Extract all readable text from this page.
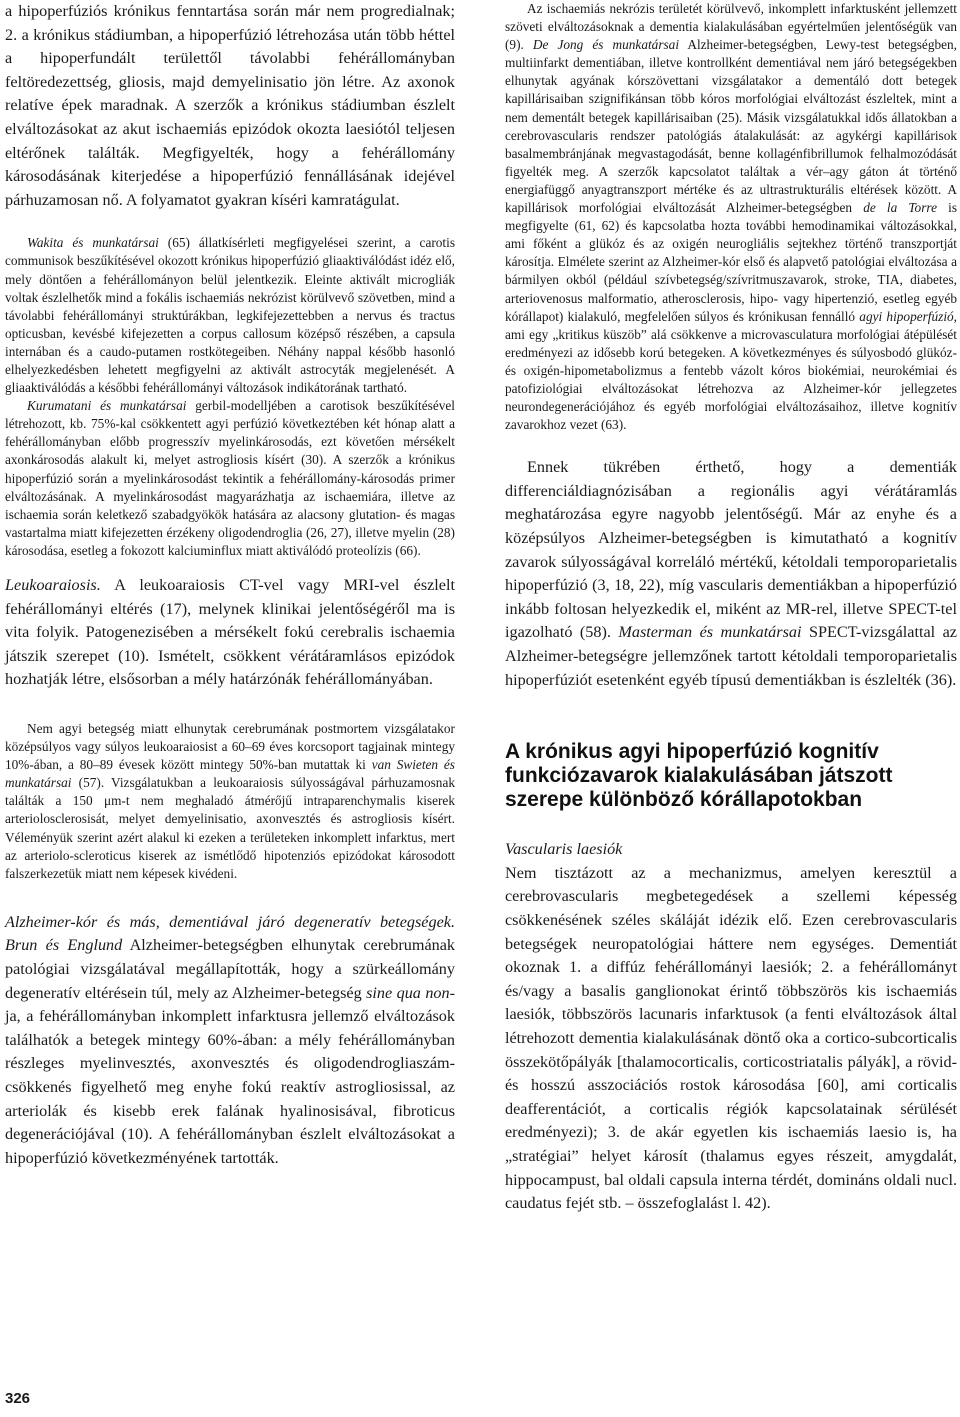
a hipoperfúziós krónikus fenntartása során már nem progredialnak; 2. a krónikus stádiumban, a hipoperfúzió létrehozása után több héttel a hipoperfundált területtől távolabbi fehérállományban feltöredezettség, gliosis, majd demyelinisatio jön létre. Az axonok relatíve épek maradnak. A szerzők a krónikus stádiumban észlelt elváltozásokat az akut ischaemiás epizódok okozta laesiótól teljesen eltérőnek találták. Megfigyelték, hogy a fehérállomány károsodásának kiterjedése a hipoperfúzió fennállásának idejével párhuzamosan nő. A folyamatot gyakran kíséri kamratágulat.

Wakita és munkatársai (65) állatkísérleti megfigyelései szerint, a carotis communisok beszűkítésével okozott krónikus hipoperfúzió gliaaktiválódást idéz elő, mely döntően a fehérállományon belül jelentkezik. Eleinte aktivált microgliák voltak észlelhetők mind a fokális ischaemiás nekrózist körülvevő szövetben, mind a távolabbi fehérállományi struktúrákban, legkifejezettebben a nervus és tractus opticusban, kevésbé kifejezetten a corpus callosum középső részében, a capsula internában és a caudo-putamen rostkötegeiben. Néhány nappal később hasonló elhelyezkedésben lehetett megfigyelni az aktivált astrocyták megjelenését. A gliaaktiválódás a későbbi fehérállományi változások indikátorának tartható.

Kurumatani és munkatársai gerbil-modelljében a carotisok beszűkítésével létrehozott, kb. 75%-kal csökkentett agyi perfúzió következtében két hónap alatt a fehérállományban előbb progresszív myelinkárosodás, ezt követően mérsékelt axonkárosodás alakult ki, melyet astrogliosis kísért (30). A szerzők a krónikus hipoperfúzió során a myelinkárosodást tekintik a fehérállomány-károsodás primer elváltozásának. A myelinkárosodást magyarázhatja az ischaemiára, illetve az ischaemia során keletkező szabadgyökök hatására az alacsony glutation- és magas vastartalma miatt kifejezetten érzékeny oligodendroglia (26, 27), illetve myelin (28) károsodása, esetleg a fokozott kalciuminflux miatt aktiválódó proteolízis (66).

Leukoaraiosis. A leukoaraiosis CT-vel vagy MRI-vel észlelt fehérállományi eltérés (17), melynek klinikai jelentőségéről ma is vita folyik. Patogenezisében a mérsékelt fokú cerebralis ischaemia játszik szerepet (10). Ismételt, csökkent vérátáramlásos epizódok hozhatják létre, elsősorban a mély határzónák fehérállományában.

Nem agyi betegség miatt elhunytak cerebrumának postmortem vizsgálatakor középsúlyos vagy súlyos leukoaraiosist a 60–69 éves korcsoport tagjainak mintegy 10%-ában, a 80–89 évesek között mintegy 50%-ban mutattak ki van Swieten és munkatársai (57). Vizsgálatukban a leukoaraiosis súlyosságával párhuzamosnak találták a 150 μm-t nem meghaladó átmérőjű intraparenchymalis kiserek arteriolosclerosisát, melyet demyelinisatio, axonvesztés és astrogliosis kísért. Véleményük szerint azért alakul ki ezeken a területeken inkomplett infarktus, mert az arteriolo-scleroticus kiserek az ismétlődő hipotenziós epizódokat károsodott falszerkezetük miatt nem képesek kivédeni.

Alzheimer-kór és más, dementiával járó degeneratív betegségek. Brun és Englund Alzheimer-betegségben elhunytak cerebrumának patológiai vizsgálatával megállapították, hogy a szürkeállomány degeneratív eltérésein túl, mely az Alzheimer-betegség sine qua non-ja, a fehérállományban inkomplett infarktusra jellemző elváltozások találhatók a betegek mintegy 60%-ában: a mély fehérállományban részleges myelinvesztés, axonvesztés és oligodendrogliaszám-csökkenés figyelhető meg enyhe fokú reaktív astrogliosissal, az arteriolák és kisebb erek falának hyalinosisával, fibroticus degenerációjával (10). A fehérállományban észlelt elváltozásokat a hipoperfúzió következményének tartották.

Az ischaemiás nekrózis területét körülvevő, inkomplett infarktusként jellemzett szöveti elváltozásoknak a dementia kialakulásában egyértelműen jelentőségük van (9). De Jong és munkatársai Alzheimer-betegségben, Lewy-test betegségben, multiinfarkt dementiában, illetve kontrollként dementiával nem járó betegségekben elhunytak agyának kórszövettani vizsgálatakor a dementáló dott betegek kapillárisaiban szignifikánsan több kóros morfológiai elváltozást észleltek, mint a nem dementált betegek kapillárisaiban (25). Másik vizsgálatukkal idős állatokban a cerebrovascularis rendszer patológiás átalakulását: az agykérgi kapillárisok basalmembránjának megvastagodását, benne kollagénfibrillumok felhalmozódását figyelték meg. A szerzők kapcsolatot találtak a vér–agy gáton át történő energiafüggő anyagtranszport mértéke és az ultrastrukturális eltérések között. A kapillárisok morfológiai elváltozását Alzheimer-betegségben de la Torre is megfigyelte (61, 62) és kapcsolatba hozta további hemodinamikai változásokkal, ami főként a glükóz és az oxigén neurogliális sejtekhez történő transzportját károsítja. Elmélete szerint az Alzheimer-kór első és alapvető patológiai elváltozása a bármilyen okból (például szívbetegség/szívritmuszavarok, stroke, TIA, diabetes, arteriovenosus malformatio, atherosclerosis, hipo- vagy hipertenzió, esetleg egyéb kórállapot) kialakuló, megfelelően súlyos és krónikusan fennálló agyi hipoperfúzió, ami egy „kritikus küszöb” alá csökkenve a microvasculatura morfológiai átépülését eredményezi az idősebb korú betegeken. A következményes és súlyosbodó glükóz- és oxigén-hipometabolizmus a fentebb vázolt kóros biokémiai, neurokémiai és patofiziológiai elváltozásokat létrehozva az Alzheimer-kór jellegzetes neurondegenerációjához és egyéb morfológiai elváltozásaihoz, illetve kognitív zavarokhoz vezet (63).

Ennek tükrében érthető, hogy a dementiák differenciáldiagnózisában a regionális agyi vérátáramlás meghatározása egyre nagyobb jelentőségű. Már az enyhe és a középsúlyos Alzheimer-betegségben is kimutatható a kognitív zavarok súlyosságával korreláló mértékű, kétoldali temporoparietalis hipoperfúzió (3, 18, 22), míg vascularis dementiákban a hipoperfúzió inkább foltosan helyezkedik el, miként az MR-rel, illetve SPECT-tel igazolható (58). Masterman és munkatársai SPECT-vizsgálattal az Alzheimer-betegségre jellemzőnek tartott kétoldali temporoparietalis hipoperfúziót esetenként egyéb típusú dementiákban is észlelték (36).

A krónikus agyi hipoperfúzió kognitív funkciózavarok kialakulásában játszott szerepe különböző kórállapotokban
Vascularis laesiók

Nem tisztázott az a mechanizmus, amelyen keresztül a cerebrovascularis megbetegedések a szellemi képesség csökkenésének széles skáláját idézik elő. Ezen cerebrovascularis betegségek neuropatológiai háttere nem egységes. Dementiát okoznak 1. a diffúz fehérállományi laesiók; 2. a fehérállományt és/vagy a basalis ganglionokat érintő többszörös kis ischaemiás laesiók, többszörös lacunaris infarktusok (a fenti elváltozások által létrehozott dementia kialakulásának döntő oka a cortico-subcorticalis összekötőpályák [thalamocorticalis, corticostriatalis pályák], a rövid- és hosszú asszociációs rostok károsodása [60], ami corticalis deafferentációt, a corticalis régiók kapcsolatainak sérülését eredményezi); 3. de akár egyetlen kis ischaemiás laesio is, ha „stratégiai” helyet károsít (thalamus egyes részeit, amygdalát, hippocampust, bal oldali capsula interna térdét, domináns oldali nucl. caudatus fejét stb. – összefoglalást l. 42).

326
